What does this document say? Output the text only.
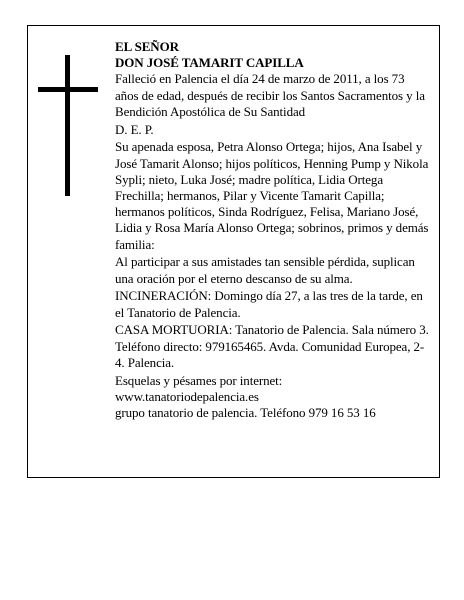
EL SEÑOR
DON JOSÉ TAMARIT CAPILLA

Falleció en Palencia el día 24 de marzo de 2011, a los 73 años de edad, después de recibir los Santos Sacramentos y la Bendición Apostólica de Su Santidad

D. E. P.

Su apenada esposa, Petra Alonso Ortega; hijos, Ana Isabel y José Tamarit Alonso; hijos políticos, Henning Pump y Nikola Sypli; nieto, Luka José; madre política, Lidia Ortega Frechilla; hermanos, Pilar y Vicente Tamarit Capilla; hermanos políticos, Sinda Rodríguez, Felisa, Mariano José, Lidia y Rosa María Alonso Ortega; sobrinos, primos y demás familia:

Al participar a sus amistades tan sensible pérdida, suplican una oración por el eterno descanso de su alma.

INCINERACIÓN: Domingo día 27, a las tres de la tarde, en el Tanatorio de Palencia.

CASA MORTUORIA: Tanatorio de Palencia. Sala número 3. Teléfono directo: 979165465. Avda. Comunidad Europea, 2-4. Palencia.

Esquelas y pésames por internet:
www.tanatoriodepalencia.es
grupo tanatorio de palencia. Teléfono 979 16 53 16
